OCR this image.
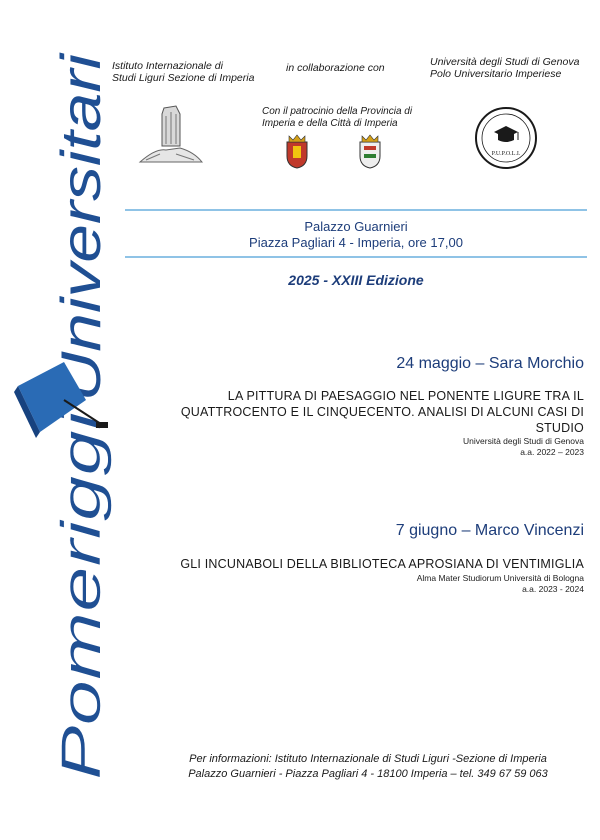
Pomeriggi
Universitari
Istituto Internazionale di
Studi Liguri Sezione di Imperia
in collaborazione con	Università degli Studi di Genova
Polo Universitario Imperiese
Con il patrocinio della Provincia di
Imperia e della Città di Imperia
P.U.P.O.L.I.
Palazzo Guarnieri
Piazza Pagliari 4 - Imperia, ore 17,00
2025 - XXIII Edizione
24 maggio – Sara Morchio
LA PITTURA DI PAESAGGIO NEL PONENTE LIGURE TRA IL
QUATTROCENTO E IL CINQUECENTO. ANALISI DI ALCUNI CASI DI
STUDIO
Università degli Studi di Genova
a.a. 2022 – 2023
7 giugno – Marco Vincenzi
GLI INCUNABOLI DELLA BIBLIOTECA APROSIANA DI VENTIMIGLIA
Alma Mater Studiorum Università di Bologna
a.a. 2023 - 2024
Per informazioni: Istituto Internazionale di Studi Liguri -Sezione di Imperia
Palazzo Guarnieri - Piazza Pagliari 4 - 18100 Imperia – tel. 349 67 59 063
